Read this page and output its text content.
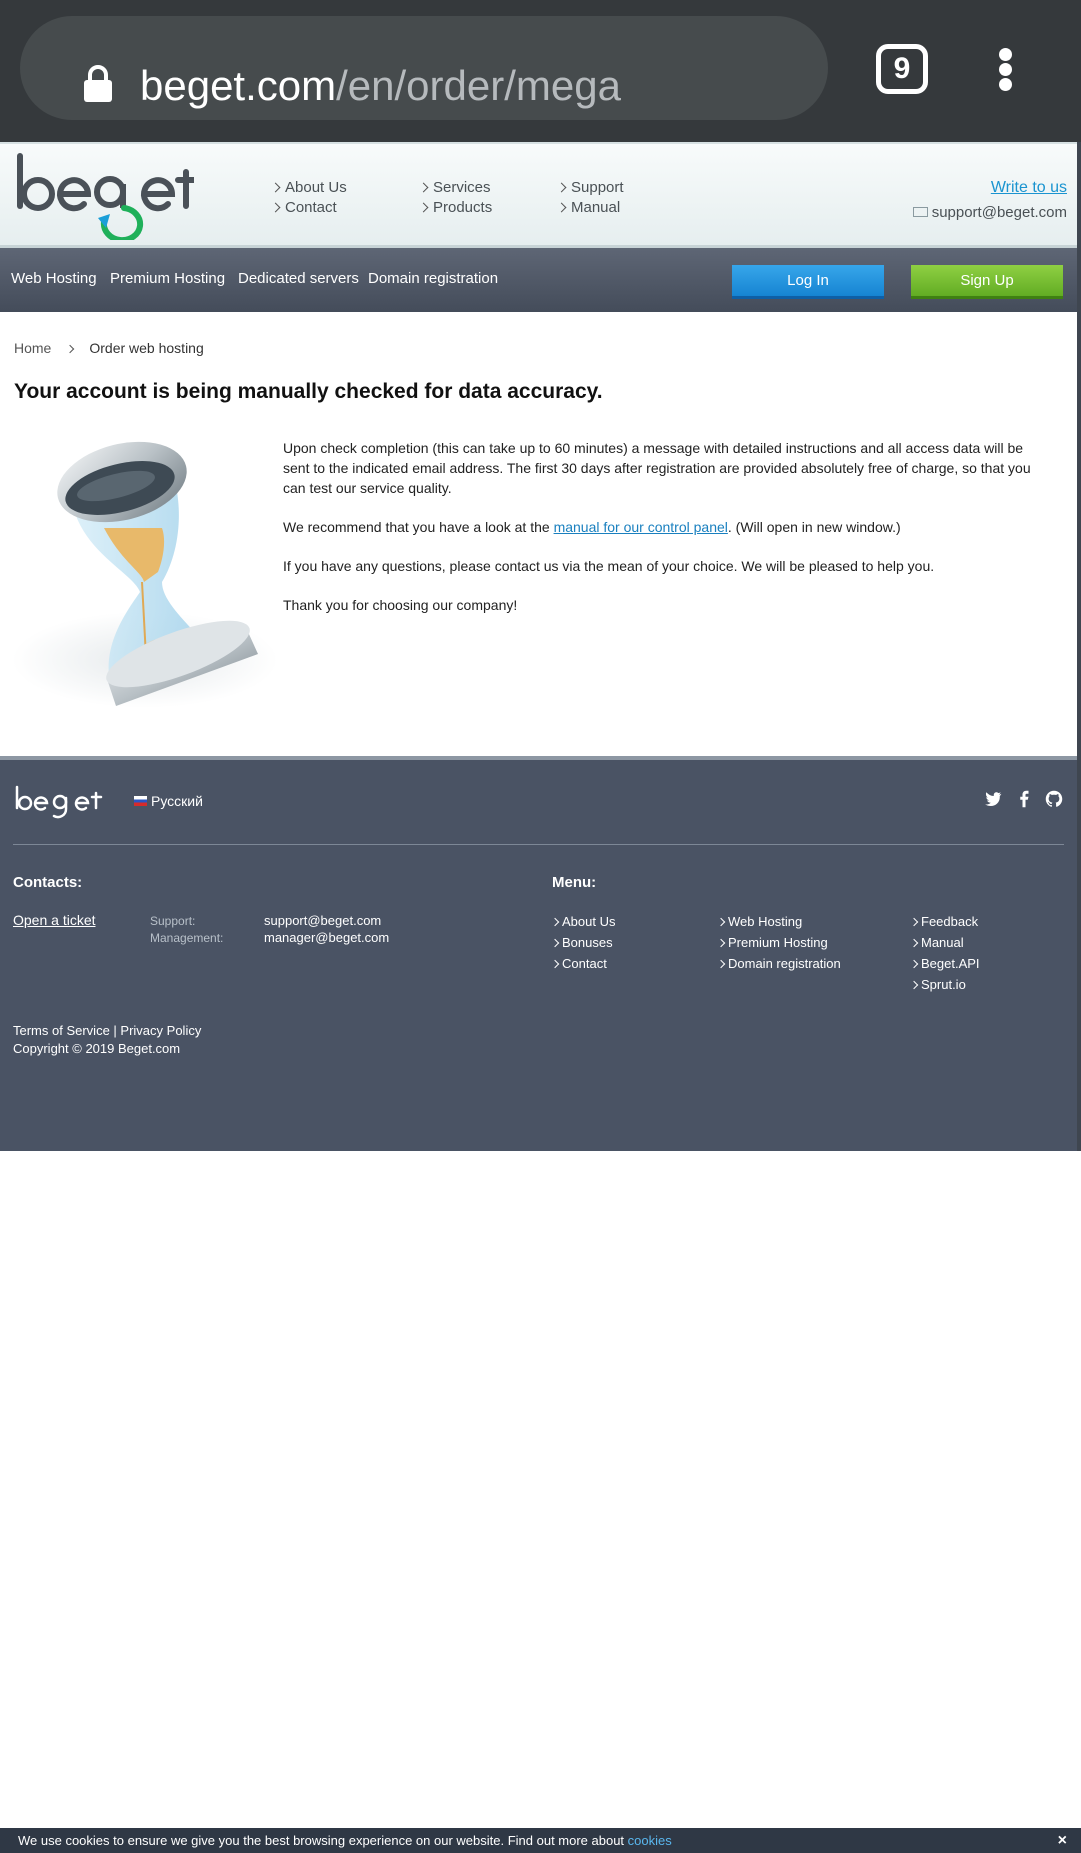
beget.com/en/order/mega	9
About Us
Contact
Services
Products
Support
Manual
Write to us
support@beget.com
Web Hosting Premium Hosting Dedicated servers Domain registration	Log In	Sign Up
Home	Order web hosting
Your account is being manually checked for data accuracy.

Upon check completion (this can take up to 60 minutes) a message with detailed instructions and all access data will be sent to the indicated email address. The first 30 days after registration are provided absolutely free of charge, so that you can test our service quality.

We recommend that you have a look at the manual for our control panel. (Will open in new window.)

If you have any questions, please contact us via the mean of your choice. We will be pleased to help you.

Thank you for choosing our company!

Русский

Contacts:
Open a ticket	Support:	support@beget.com
Management:	manager@beget.com
Menu:
About Us
Bonuses
Contact
Web Hosting
Premium Hosting
Domain registration
Feedback
Manual
Beget.API
Sprut.io
Terms of Service | Privacy Policy
Copyright © 2019 Beget.com
We use cookies to ensure we give you the best browsing experience on our website. Find out more about cookies	×
